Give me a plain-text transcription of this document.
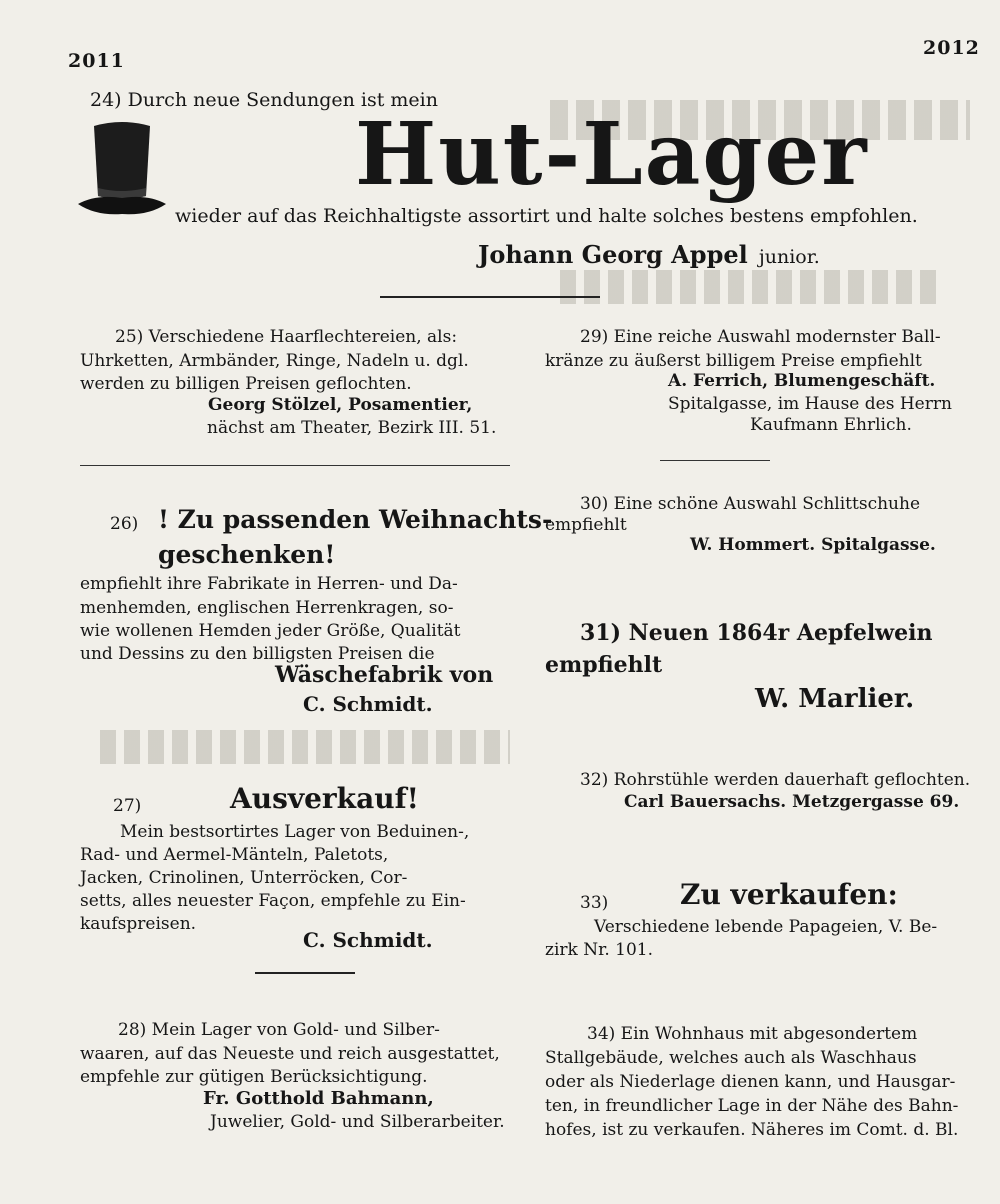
2011
2012
24) Durch neue Sendungen ist mein
Hut-Lager
wieder auf das Reichhaltigste assortirt und halte solches bestens empfohlen.
Johann Georg Appel junior.
25) Verschiedene Haarflechtereien, als:
Uhrketten, Armbänder, Ringe, Nadeln u. dgl.
werden zu billigen Preisen geflochten.
Georg Stölzel, Posamentier,
nächst am Theater, Bezirk III. 51.
26) ! Zu passenden Weihnachts-
geschenken!
empfiehlt ihre Fabrikate in Herren- und Da-
menhemden, englischen Herrenkragen, so-
wie wollenen Hemden jeder Größe, Qualität
und Dessins zu den billigsten Preisen die
Wäschefabrik von
C. Schmidt.
27)	Ausverkauf!
Mein bestsortirtes Lager von Beduinen-,
Rad- und Aermel-Mänteln, Paletots,
Jacken, Crinolinen, Unterröcken, Cor-
setts, alles neuester Façon, empfehle zu Ein-
kaufspreisen.
C. Schmidt.
28) Mein Lager von Gold- und Silber-
waaren, auf das Neueste und reich ausgestattet,
empfehle zur gütigen Berücksichtigung.
Fr. Gotthold Bahmann,
Juwelier, Gold- und Silberarbeiter.
29) Eine reiche Auswahl modernster Ball-
kränze zu äußerst billigem Preise empfiehlt
A. Ferrich, Blumengeschäft.
Spitalgasse, im Hause des Herrn
Kaufmann Ehrlich.
30) Eine schöne Auswahl Schlittschuhe
empfiehlt
W. Hommert. Spitalgasse.
31) Neuen 1864r Aepfelwein
empfiehlt
W. Marlier.
32) Rohrstühle werden dauerhaft geflochten.
Carl Bauersachs. Metzgergasse 69.
33)	Zu verkaufen:
Verschiedene lebende Papageien, V. Be-
zirk Nr. 101.
34) Ein Wohnhaus mit abgesondertem
Stallgebäude, welches auch als Waschhaus
oder als Niederlage dienen kann, und Hausgar-
ten, in freundlicher Lage in der Nähe des Bahn-
hofes, ist zu verkaufen. Näheres im Comt. d. Bl.
